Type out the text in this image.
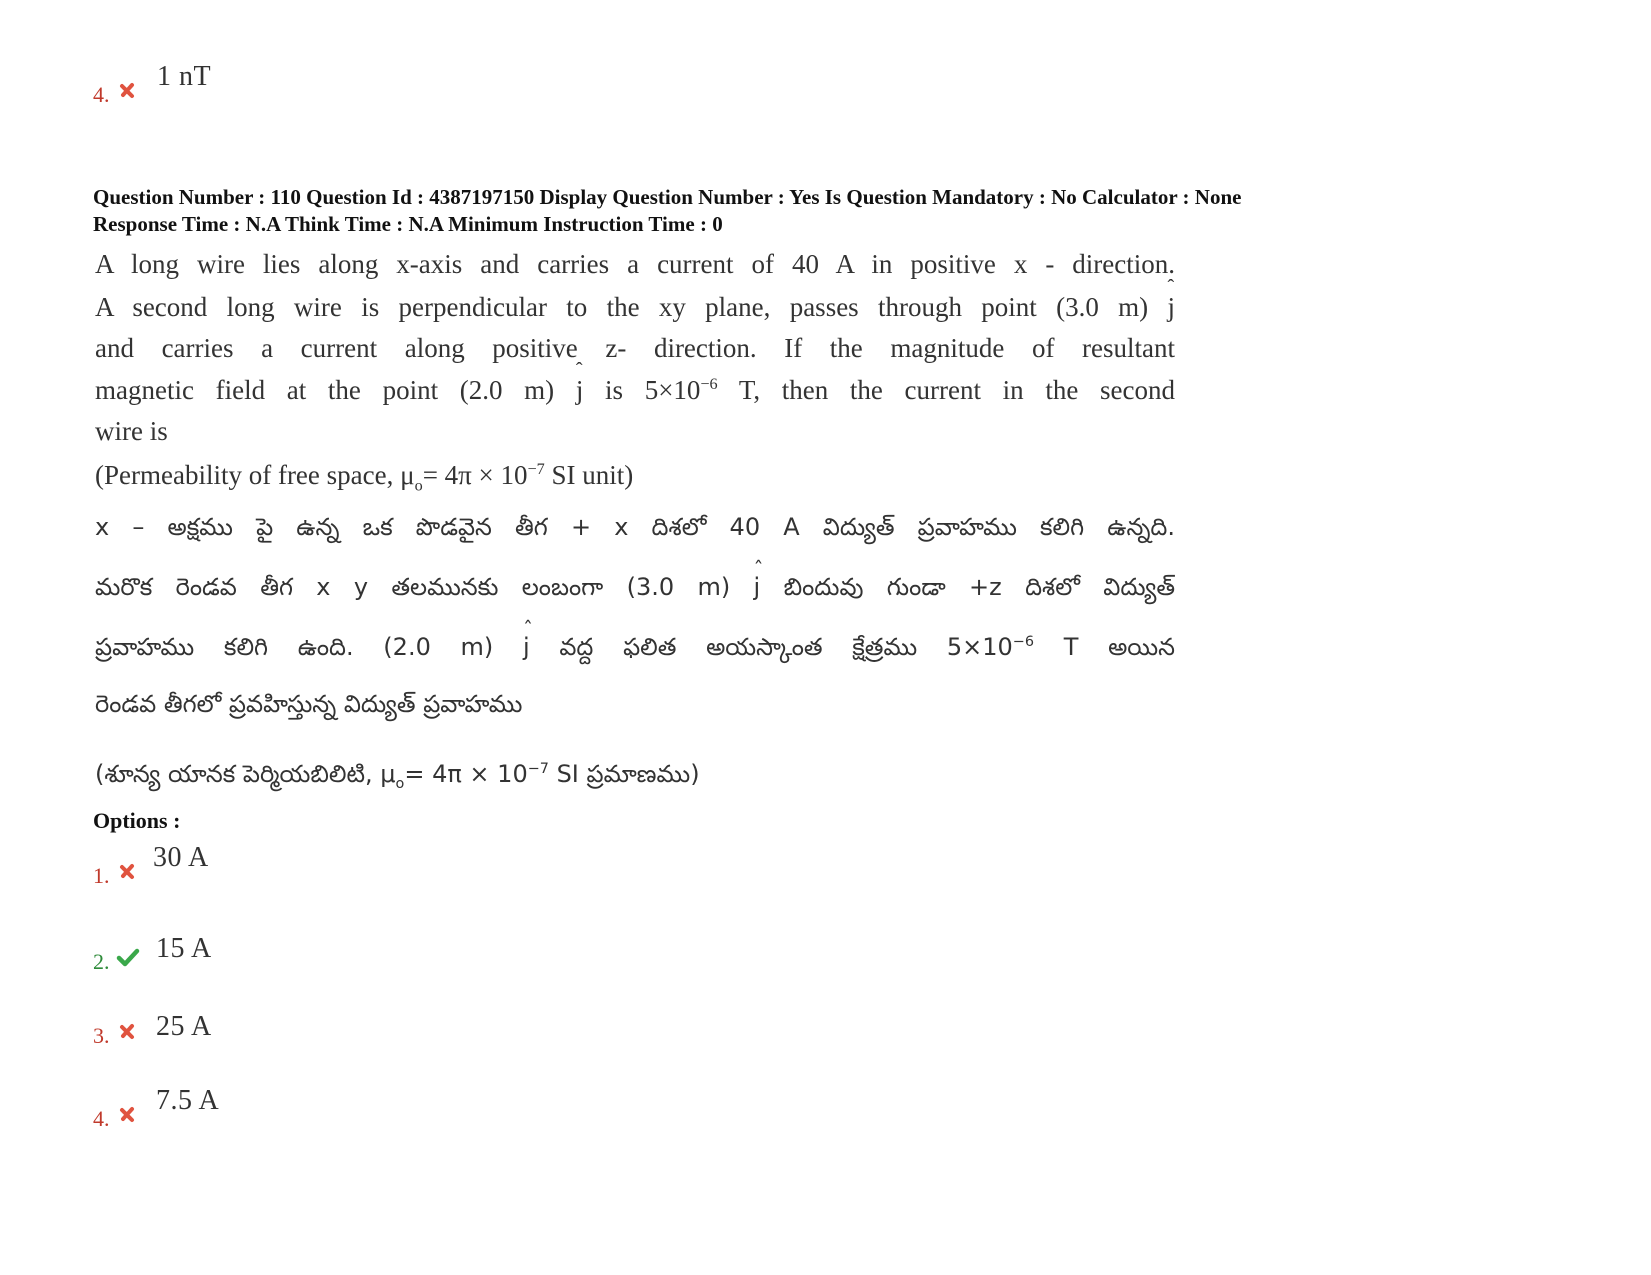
4.
1 nT
Question Number : 110 Question Id : 4387197150 Display Question Number : Yes Is Question Mandatory : No Calculator : None
Response Time : N.A Think Time : N.A Minimum Instruction Time : 0
A long wire lies along x-axis and carries a current of 40 A in positive x - direction.
A second long wire is perpendicular to the xy plane, passes through point (3.0 m) ˆ j
and carries a current along positive z- direction. If the magnitude of resultant
magnetic field at the point (2.0 m) ˆ j is $5\times 10^{-6}$ T, then the current in the second
wire is
(Permeability of free space, $\mu_o= 4\pi \times 10^{-7}$ SI unit)
x – అక్షము పై ఉన్న ఒక పొడవైన తీగ + x దిశలో 40 A విద్యుత్ ప్రవాహము కలిగి ఉన్నది.
మరొక రెండవ తీగ x y తలమునకు లంబంగా (3.0 m) ˆ j బిందువు గుండా +z దిశలో విద్యుత్
ప్రవాహము కలిగి ఉంది. (2.0 m) ˆ j వద్ద ఫలిత అయస్కాంత క్షేత్రము $5\times 10^{-6}$ T అయిన
రెండవ తీగలో ప్రవహిస్తున్న విద్యుత్ ప్రవాహము
(శూన్య యానక పెర్మియబిలిటి, $\mu_o= 4\pi \times 10^{-7}$ SI ప్రమాణము)
Options :
1.
30 A
2. 15 A
3. 25 A
4.
7.5 A
